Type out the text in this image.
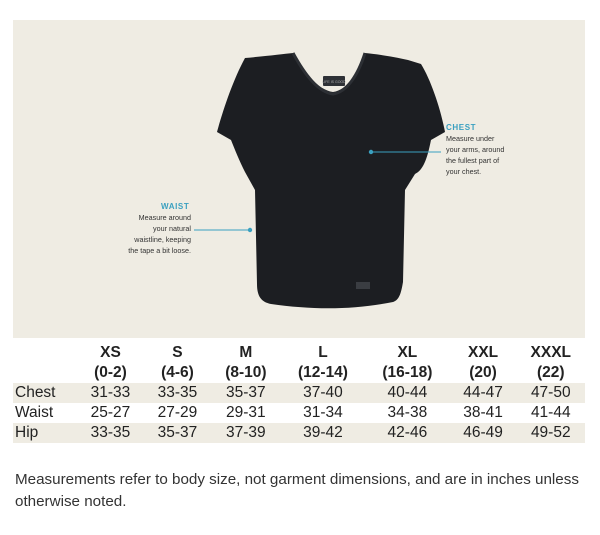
LIFE IS GOOD
WAIST
Measure around
your natural
waistline, keeping
the tape a bit loose.
CHEST
Measure under
your arms, around
the fullest part of
your chest.
	XS	S	M	L	XL	XXL	XXXL
	(0-2)	(4-6)	(8-10)	(12-14)	(16-18)	(20)	(22)
Chest	31-33	33-35	35-37	37-40	40-44	44-47	47-50
Waist	25-27	27-29	29-31	31-34	34-38	38-41	41-44
Hip	33-35	35-37	37-39	39-42	42-46	46-49	49-52
Measurements refer to body size, not garment dimensions, and are in inches unless otherwise noted.
